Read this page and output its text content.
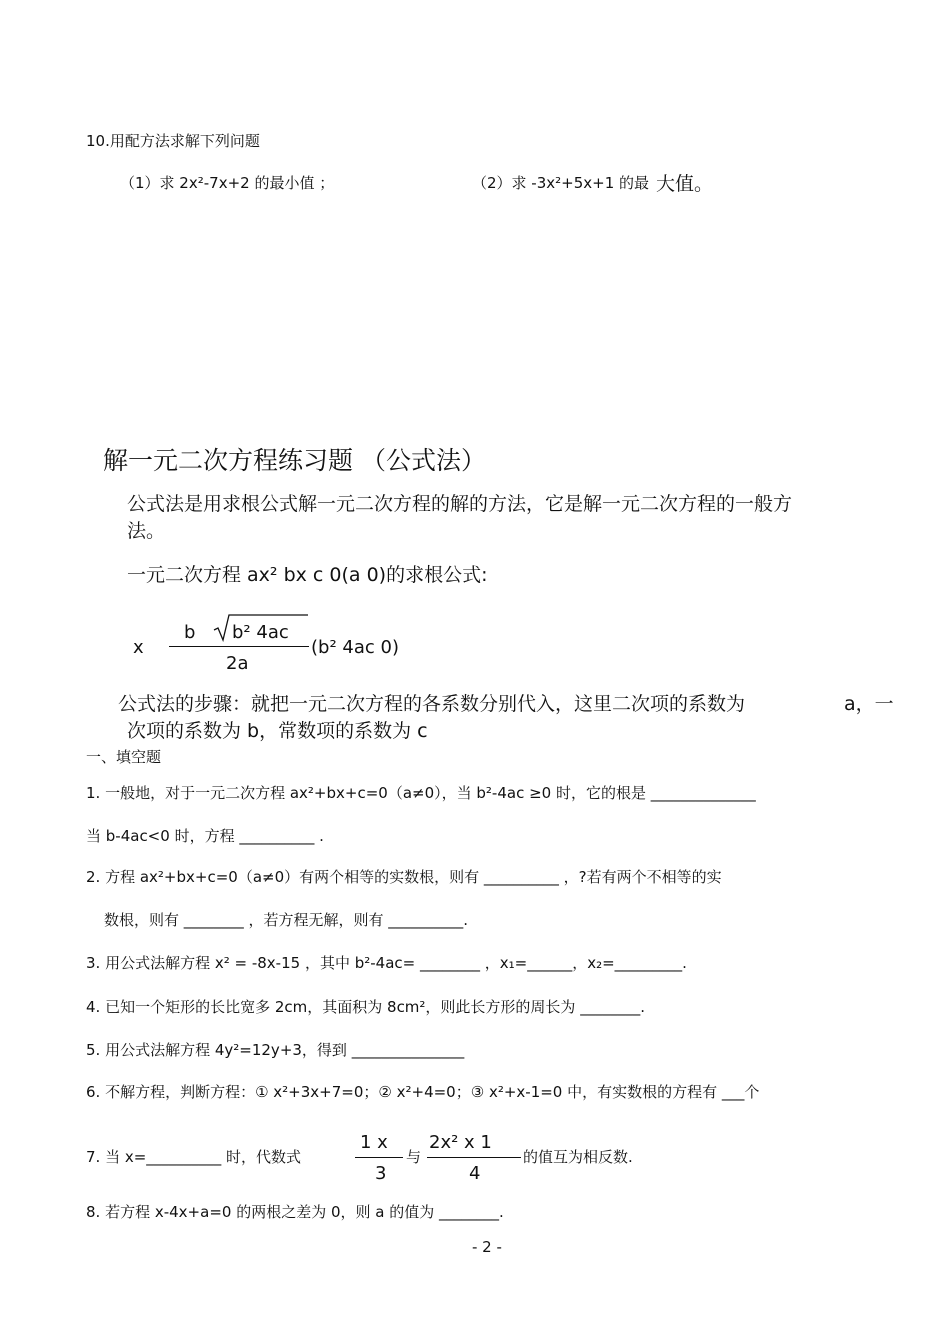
10.用配方法求解下列问题
（1）求 2x²-7x+2 的最小值 ；	（2）求 -3x²+5x+1 的最 大值。
解一元二次方程练习题 （公式法）
公式法是用求根公式解一元二次方程的解的方法，它是解一元二次方程的一般方
法。
一元二次方程 ax² bx c 0(a 0)的求根公式:
x
b b² 4ac
2a
(b² 4ac 0)
公式法的步骤：就把一元二次方程的各系数分别代入，这里二次项的系数为	a，一
次项的系数为 b，常数项的系数为 c
一、填空题
1. 一般地，对于一元二次方程 ax²+bx+c=0（a≠0），当 b²-4ac ≥0 时，它的根是 ______________
当 b-4ac<0 时，方程 __________ .
2. 方程 ax²+bx+c=0（a≠0）有两个相等的实数根，则有 __________ ，?若有两个不相等的实
数根，则有 ________ ，若方程无解，则有 __________.
3. 用公式法解方程 x² = -8x-15 ，其中 b²-4ac= ________ ，x₁=______，x₂=_________.
4. 已知一个矩形的长比宽多 2cm，其面积为 8cm²，则此长方形的周长为 ________.
5. 用公式法解方程 4y²=12y+3，得到 _______________
6. 不解方程，判断方程：① x²+3x+7=0；② x²+4=0；③ x²+x-1=0 中，有实数根的方程有 ___个
7. 当 x=__________ 时，代数式
1 x
3
与
2x² x 1
4
的值互为相反数.
8. 若方程 x-4x+a=0 的两根之差为 0，则 a 的值为 ________.
- 2 -
